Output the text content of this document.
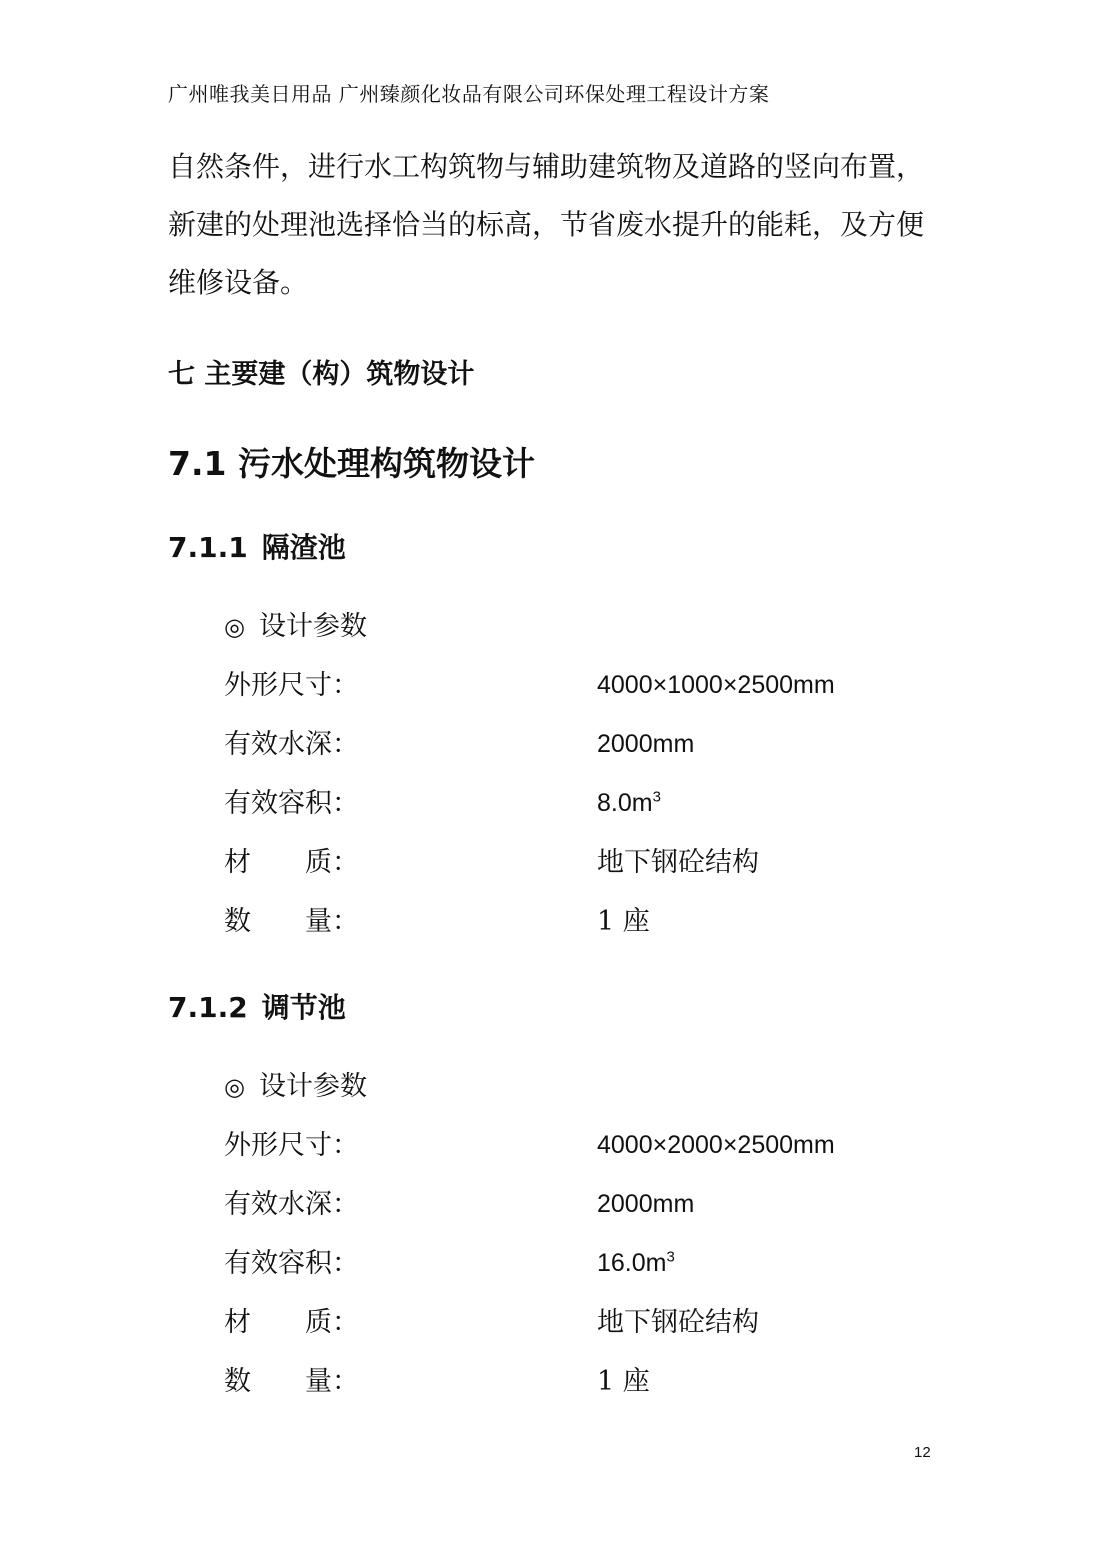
广州唯我美日用品 广州臻颜化妆品有限公司环保处理工程设计方案

自然条件，进行水工构筑物与辅助建筑物及道路的竖向布置，

新建的处理池选择恰当的标高，节省废水提升的能耗，及方便

维修设备。

七 主要建（构）筑物设计
7.1 污水处理构筑物设计
7.1.1 隔渣池
◎ 设计参数
外形尺寸：	4000×1000×2500mm
有效水深：	2000mm
有效容积：	$8.0m^3$
材　　质：	地下钢砼结构
数　　量：	1 座
7.1.2 调节池
◎ 设计参数
外形尺寸：	4000×2000×2500mm
有效水深：	2000mm
有效容积：	$16.0m^3$
材　　质：	地下钢砼结构
数　　量：	1 座
12
